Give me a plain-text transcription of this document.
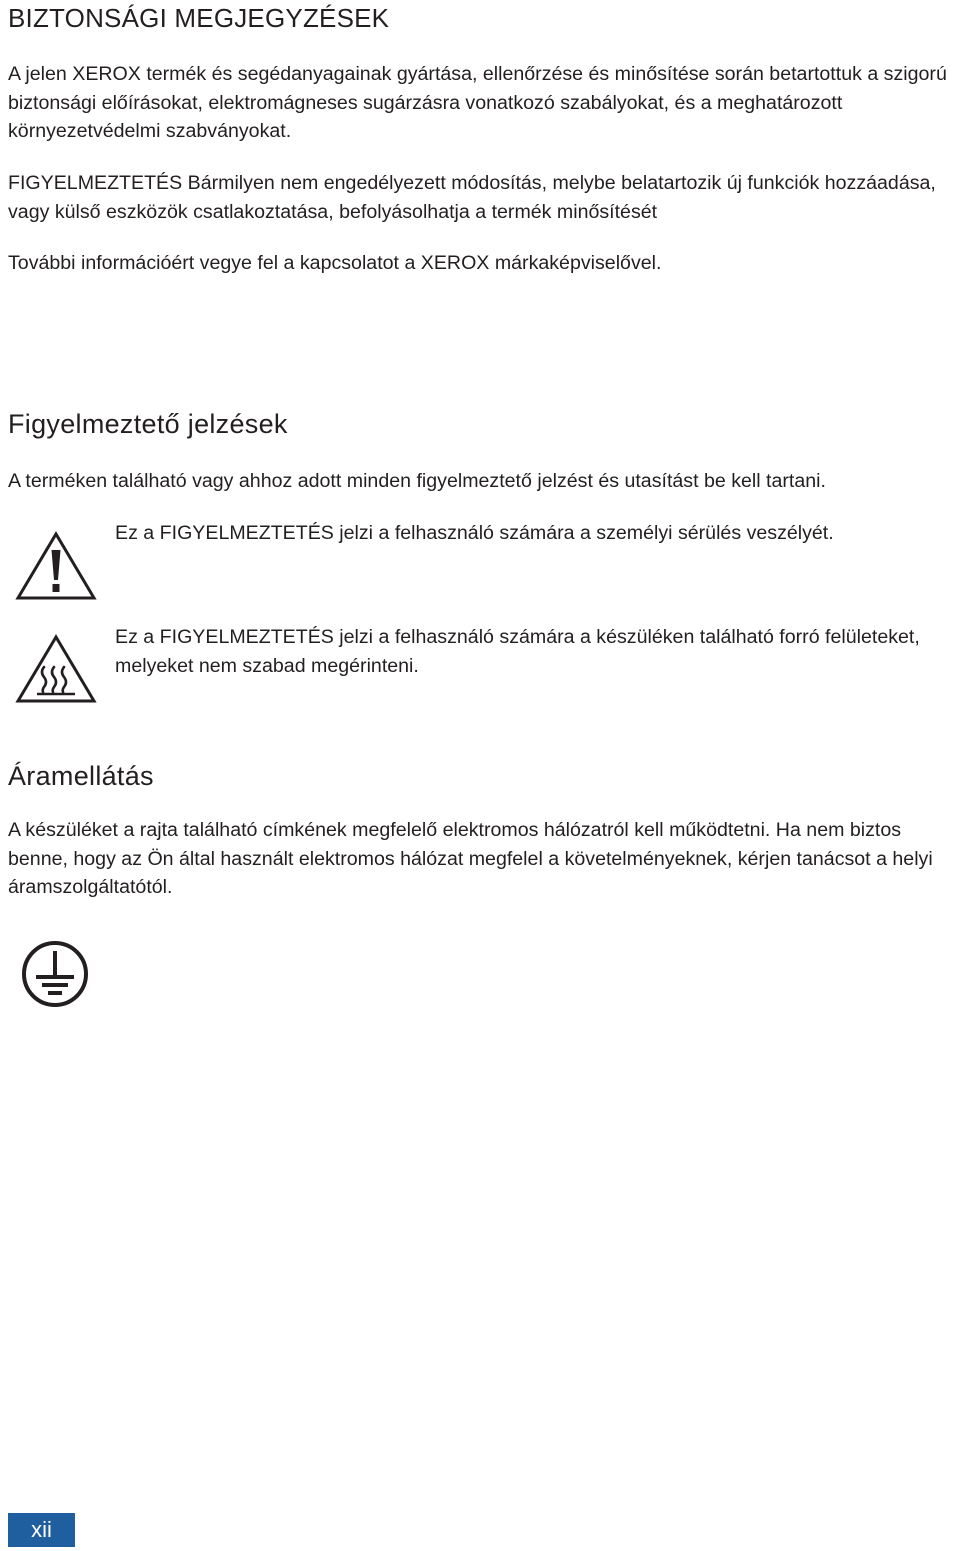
BIZTONSÁGI MEGJEGYZÉSEK
A jelen XEROX termék és segédanyagainak gyártása, ellenőrzése és minősítése során betartottuk a szigorú biztonsági előírásokat, elektromágneses sugárzásra vonatkozó szabályokat, és a meghatározott környezetvédelmi szabványokat.
FIGYELMEZTETÉS Bármilyen nem engedélyezett módosítás, melybe belatartozik új funkciók hozzáadása, vagy külső eszközök csatlakoztatása, befolyásolhatja a termék minősítését
További információért vegye fel a kapcsolatot a XEROX márkaképviselővel.
Figyelmeztető jelzések
A terméken található vagy ahhoz adott minden figyelmeztető jelzést és utasítást be kell tartani.
Ez a FIGYELMEZTETÉS jelzi a felhasználó számára a személyi sérülés veszélyét.
Ez a FIGYELMEZTETÉS jelzi a felhasználó számára a készüléken található forró felületeket, melyeket nem szabad megérinteni.
Áramellátás
A készüléket a rajta található címkének megfelelő elektromos hálózatról kell működtetni. Ha nem biztos benne, hogy az Ön által használt elektromos hálózat megfelel a követelményeknek, kérjen tanácsot a helyi áramszolgáltatótól.
xii
